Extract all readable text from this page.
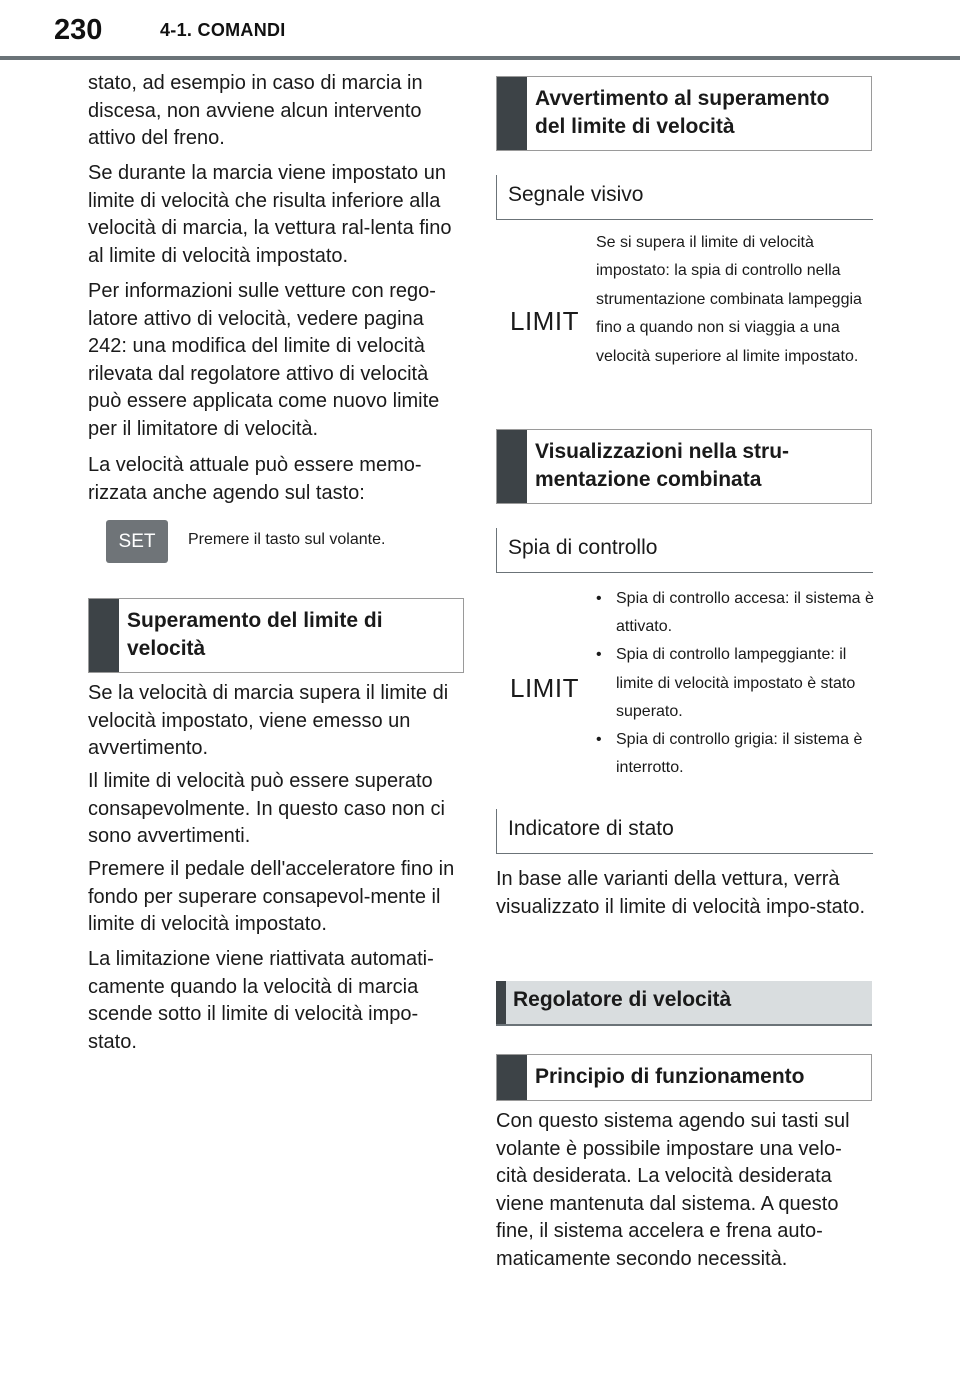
230	4-1. COMANDI

stato, ad esempio in caso di marcia in discesa, non avviene alcun intervento attivo del freno.

Se durante la marcia viene impostato un limite di velocità che risulta inferiore alla velocità di marcia, la vettura ral-lenta fino al limite di velocità impostato.

Per informazioni sulle vetture con rego-latore attivo di velocità, vedere pagina 242: una modifica del limite di velocità rilevata dal regolatore attivo di velocità può essere applicata come nuovo limite per il limitatore di velocità.

La velocità attuale può essere memo-rizzata anche agendo sul tasto:

SET	Premere il tasto sul volante.
Superamento del limite di velocità

Se la velocità di marcia supera il limite di velocità impostato, viene emesso un avvertimento.

Il limite di velocità può essere superato consapevolmente. In questo caso non ci sono avvertimenti.

Premere il pedale dell'acceleratore fino in fondo per superare consapevol-mente il limite di velocità impostato.

La limitazione viene riattivata automati-camente quando la velocità di marcia scende sotto il limite di velocità impo-stato.

Avvertimento al superamento del limite di velocità
Segnale visivo
LIMIT
Se si supera il limite di velocità impostato: la spia di controllo nella strumentazione combinata lampeggia fino a quando non si viaggia a una velocità superiore al limite impostato.
Visualizzazioni nella stru-mentazione combinata
Spia di controllo
LIMIT
• Spia di controllo accesa: il sistema è attivato.
• Spia di controllo lampeggiante: il limite di velocità impostato è stato superato.
• Spia di controllo grigia: il sistema è interrotto.
Indicatore di stato

In base alle varianti della vettura, verrà visualizzato il limite di velocità impo-stato.

Regolatore di velocità
Principio di funzionamento

Con questo sistema agendo sui tasti sul volante è possibile impostare una velo-cità desiderata. La velocità desiderata viene mantenuta dal sistema. A questo fine, il sistema accelera e frena auto-maticamente secondo necessità.
